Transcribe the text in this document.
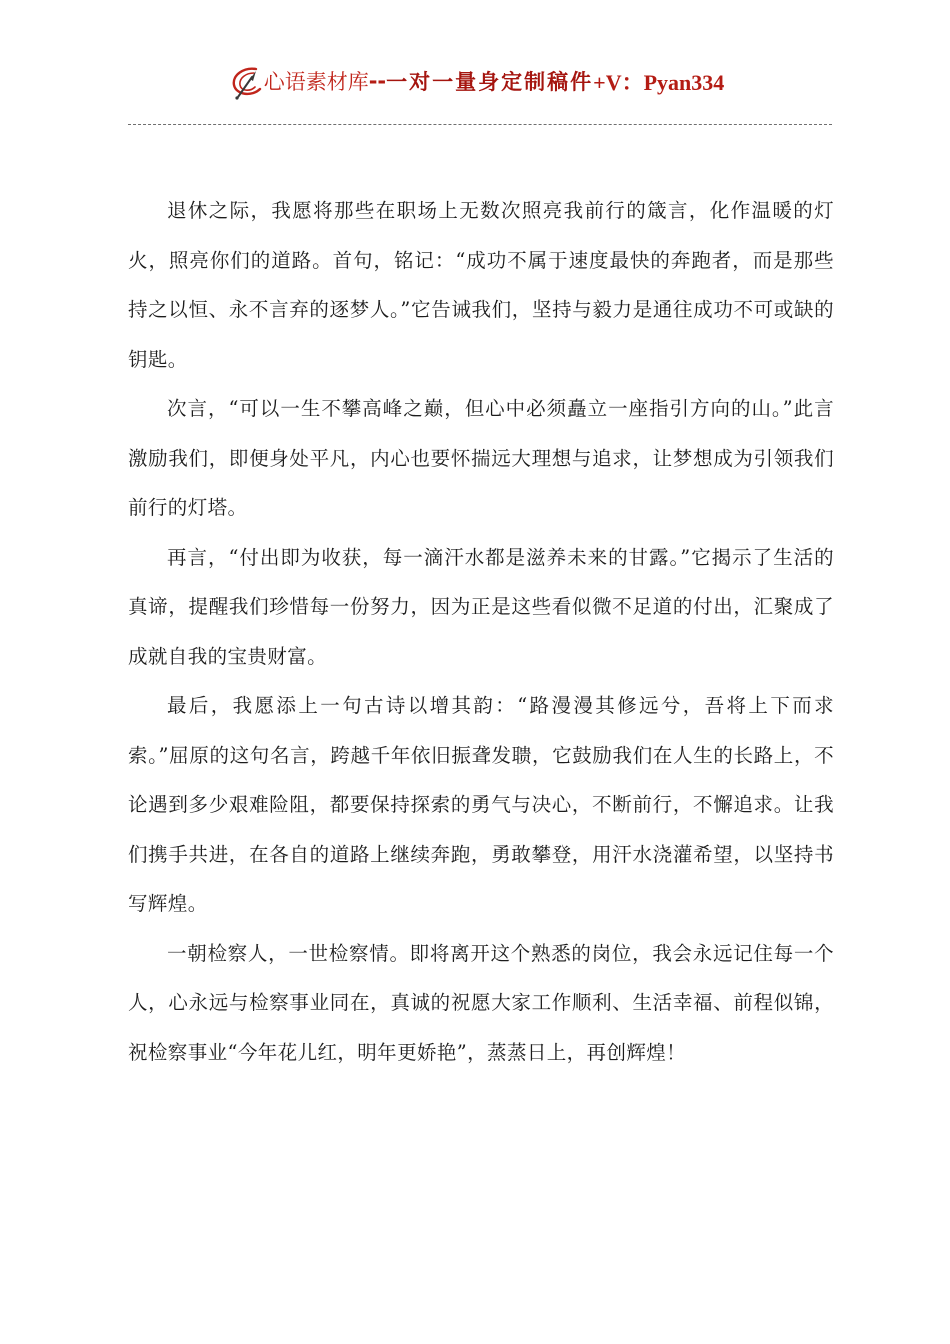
心语素材库 -- 一对一量身定制稿件 +V：Pyan334

退休之际，我愿将那些在职场上无数次照亮我前行的箴言，化作温暖的灯火，照亮你们的道路。首句，铭记：“成功不属于速度最快的奔跑者，而是那些持之以恒、永不言弃的逐梦人。”它告诫我们，坚持与毅力是通往成功不可或缺的钥匙。

次言，“可以一生不攀高峰之巅，但心中必须矗立一座指引方向的山。”此言激励我们，即便身处平凡，内心也要怀揣远大理想与追求，让梦想成为引领我们前行的灯塔。

再言，“付出即为收获，每一滴汗水都是滋养未来的甘露。”它揭示了生活的真谛，提醒我们珍惜每一份努力，因为正是这些看似微不足道的付出，汇聚成了成就自我的宝贵财富。

最后，我愿添上一句古诗以增其韵：“路漫漫其修远兮，吾将上下而求索。”屈原的这句名言，跨越千年依旧振聋发聩，它鼓励我们在人生的长路上，不论遇到多少艰难险阻，都要保持探索的勇气与决心，不断前行，不懈追求。让我们携手共进，在各自的道路上继续奔跑，勇敢攀登，用汗水浇灌希望，以坚持书写辉煌。

一朝检察人，一世检察情。即将离开这个熟悉的岗位，我会永远记住每一个人，心永远与检察事业同在，真诚的祝愿大家工作顺利、生活幸福、前程似锦，祝检察事业“今年花儿红，明年更娇艳”，蒸蒸日上，再创辉煌！
